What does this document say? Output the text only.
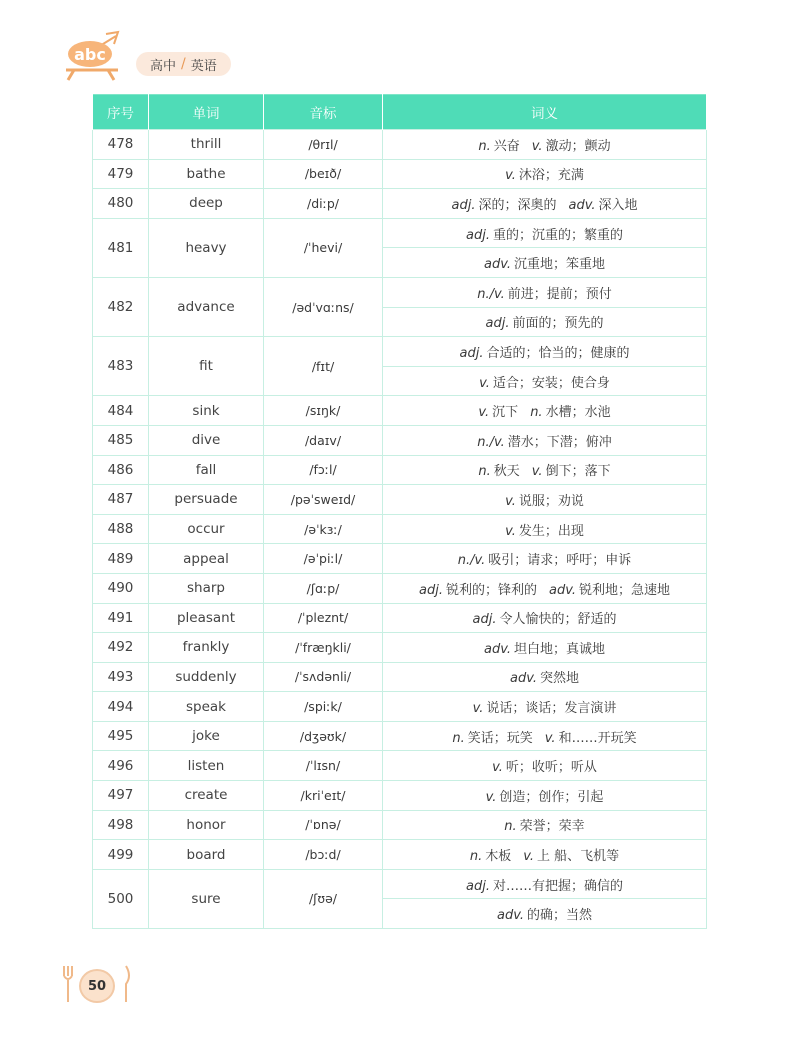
abc
高中 / 英语
序号	单词	音标	词义
478	thrill	/θrɪl/	n. 兴奋 v. 激动；颤动
479	bathe	/beɪð/	v. 沐浴；充满
480	deep	/diːp/	adj. 深的；深奥的 adv. 深入地
481	heavy	/ˈhevi/	adj. 重的；沉重的；繁重的
			adv. 沉重地；笨重地
482	advance	/ədˈvɑːns/	n./v. 前进；提前；预付
			adj. 前面的；预先的
483	fit	/fɪt/	adj. 合适的；恰当的；健康的
			v. 适合；安装；使合身
484	sink	/sɪŋk/	v. 沉下 n. 水槽；水池
485	dive	/daɪv/	n./v. 潜水；下潜；俯冲
486	fall	/fɔːl/	n. 秋天 v. 倒下；落下
487	persuade	/pəˈsweɪd/	v. 说服；劝说
488	occur	/əˈkɜː/	v. 发生；出现
489	appeal	/əˈpiːl/	n./v. 吸引；请求；呼吁；申诉
490	sharp	/ʃɑːp/	adj. 锐利的；锋利的 adv. 锐利地；急速地
491	pleasant	/ˈpleznt/	adj. 令人愉快的；舒适的
492	frankly	/ˈfræŋkli/	adv. 坦白地；真诚地
493	suddenly	/ˈsʌdənli/	adv. 突然地
494	speak	/spiːk/	v. 说话；谈话；发言演讲
495	joke	/dʒəʊk/	n. 笑话；玩笑 v. 和……开玩笑
496	listen	/ˈlɪsn/	v. 听；收听；听从
497	create	/kriˈeɪt/	v. 创造；创作；引起
498	honor	/ˈɒnə/	n. 荣誉；荣幸
499	board	/bɔːd/	n. 木板 v. 上 船、飞机等
500	sure	/ʃʊə/	adj. 对……有把握；确信的
			adv. 的确；当然
50
